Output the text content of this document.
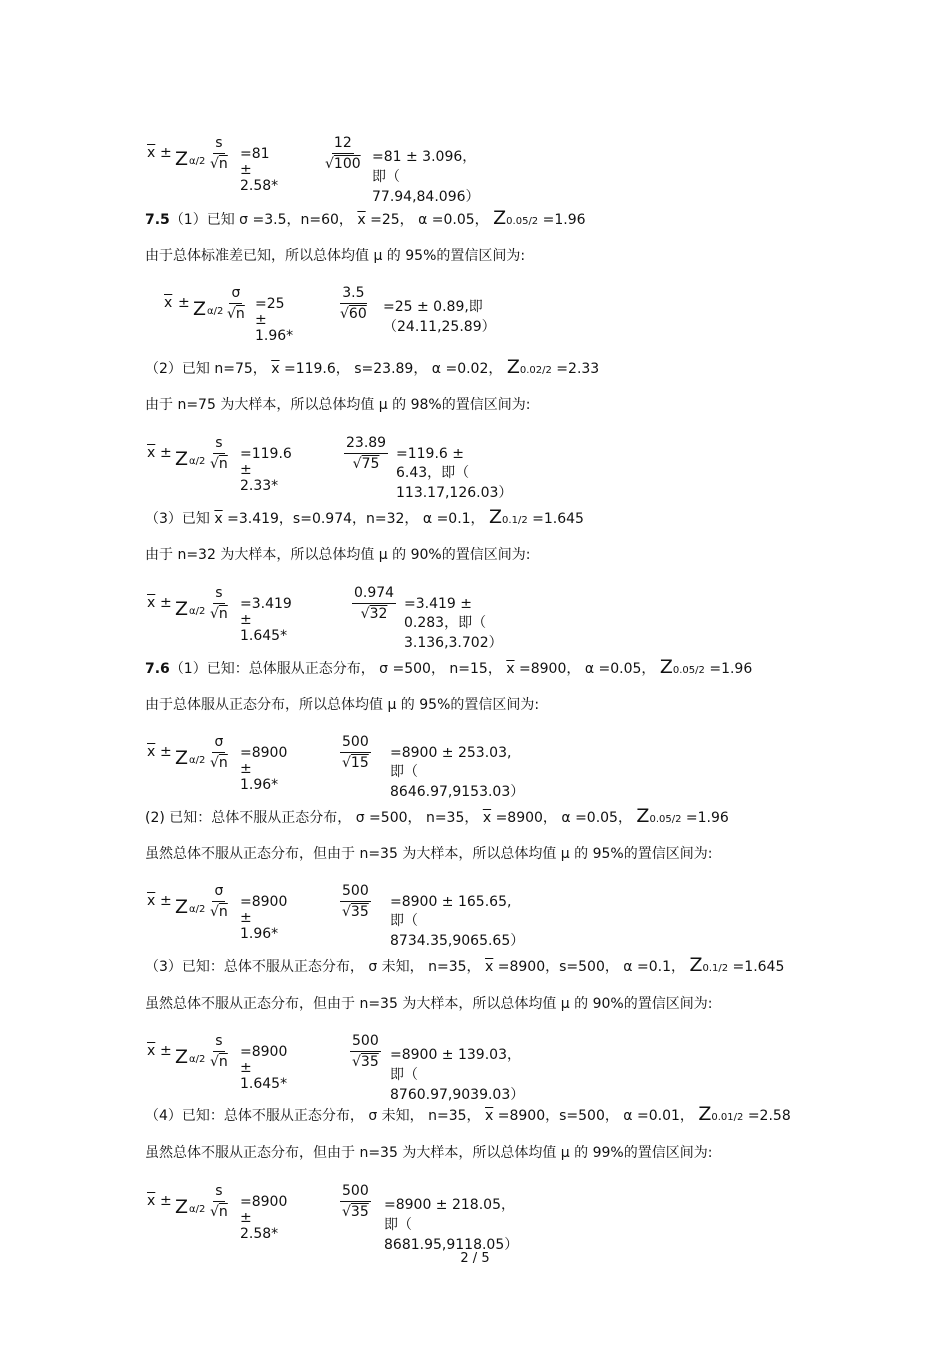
$\overline{x} \pm Z$ $\alpha/2 \frac{s}{√n} =81 \pm 2.58*$
$\frac{12}{√100} =81 \pm 3.096$，即（ 77.94,84.096）
7.5（1）已知 σ =3.5，n=60， $\overline{x} =25$， α =0.05， Z0.05/2 =1.96
由于总体标准差已知，所以总体均值 μ 的 95%的置信区间为:
$\overline{x} \pm Z$ $\alpha/2 \frac{\sigma}{√n} =25 \pm 1.96*$
$\frac{3.5}{√60} =25 \pm 0.89$,即（24.11,25.89）
（2）已知 n=75， $\overline{x} =119.6$， s=23.89， α =0.02， Z0.02/2 =2.33
由于 n=75 为大样本，所以总体均值 μ 的 98%的置信区间为:
$\overline{x} \pm Z$ $\alpha/2 \frac{s}{√n} =119.6 \pm 2.33*$
$\frac{23.89}{√75} =119.6 \pm 6.43$，即（ 113.17,126.03）
（3）已知 $\overline{x} =3.419$，s=0.974，n=32， α =0.1， Z0.1/2 =1.645
由于 n=32 为大样本，所以总体均值 μ 的 90%的置信区间为:
$\overline{x} \pm Z$ $\alpha/2 \frac{s}{√n} =3.419 \pm 1.645*$
$\frac{0.974}{√32} =3.419 \pm 0.283$，即（ 3.136,3.702）
7.6（1）已知：总体服从正态分布， σ =500， n=15， $\overline{x} =8900$， α =0.05， Z0.05/2 =1.96
由于总体服从正态分布，所以总体均值 μ 的 95%的置信区间为:
$\overline{x} \pm Z$ $\alpha/2 \frac{\sigma}{√n} =8900 \pm 1.96*$
$\frac{500}{√15} =8900 \pm 253.03$,即（ 8646.97,9153.03）
(2) 已知：总体不服从正态分布， σ =500， n=35， $\overline{x} =8900$， α =0.05， Z0.05/2 =1.96
虽然总体不服从正态分布，但由于 n=35 为大样本，所以总体均值 μ 的 95%的置信区间为:
$\overline{x} \pm Z$ $\alpha/2 \frac{\sigma}{√n} =8900 \pm 1.96*$
$\frac{500}{√35} =8900 \pm 165.65$,即（ 8734.35,9065.65）
（3）已知：总体不服从正态分布， σ 未知， n=35， $\overline{x} =8900$，s=500， α =0.1， Z0.1/2 =1.645
虽然总体不服从正态分布，但由于 n=35 为大样本，所以总体均值 μ 的 90%的置信区间为:
$\overline{x} \pm Z$ $\alpha/2 \frac{s}{√n} =8900 \pm 1.645*$
$\frac{500}{√35} =8900 \pm 139.03$，即（ 8760.97,9039.03）
（4）已知：总体不服从正态分布， σ 未知， n=35， $\overline{x} =8900$，s=500， α =0.01， Z0.01/2 =2.58
虽然总体不服从正态分布，但由于 n=35 为大样本，所以总体均值 μ 的 99%的置信区间为:
$\overline{x} \pm Z$ $\alpha/2 \frac{s}{√n} =8900 \pm 2.58*$
$\frac{500}{√35} =8900 \pm 218.05$，即（ 8681.95,9118.05）
2 / 5
